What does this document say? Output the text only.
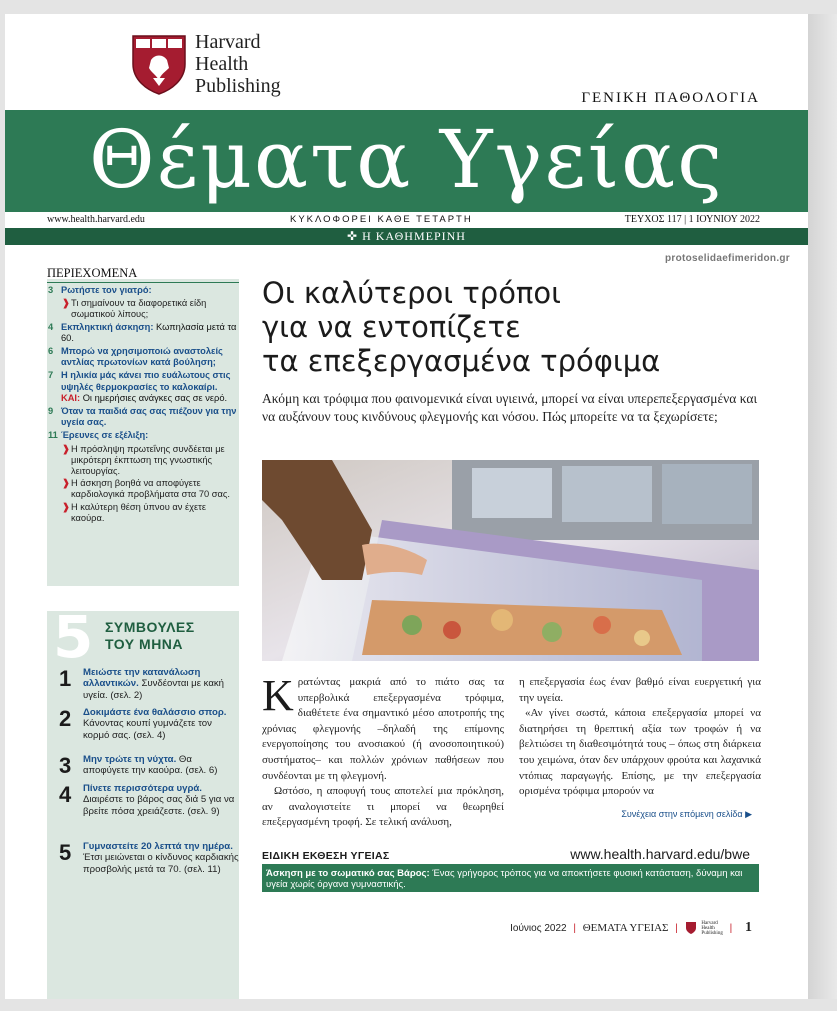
Harvard
Health
Publishing
ΓΕΝΙΚΗ ΠΑΘΟΛΟΓΙΑ
Θέματα Υγείας
www.health.harvard.edu	ΚΥΚΛΟΦΟΡΕΙ ΚΑΘΕ ΤΕΤΑΡΤΗ	ΤΕΥΧΟΣ 117 | 1 ΙΟΥΝΙΟΥ 2022
✜ Η ΚΑΘΗΜΕΡΙΝΗ
protoselidaefimeridon.gr
ΠΕΡΙΕΧΟΜΕΝΑ
3 Ρωτήστε τον γιατρό:
❱ Τι σημαίνουν τα διαφορετικά είδη σωματικού λίπους;
4 Εκπληκτική άσκηση: Κωπηλασία μετά τα 60.
6 Μπορώ να χρησιμοποιώ αναστολείς αντλίας πρωτονίων κατά βούληση;
7 Η ηλικία μάς κάνει πιο ευάλωτους στις υψηλές θερμοκρασίες το καλοκαίρι.
ΚΑΙ: Οι ημερήσιες ανάγκες σας σε νερό.
9 Όταν τα παιδιά σας σας πιέζουν για την υγεία σας.
11 Έρευνες σε εξέλιξη:
❱ Η πρόσληψη πρωτεΐνης συνδέεται με μικρότερη έκπτωση της γνωστικής λειτουργίας.
❱ Η άσκηση βοηθά να αποφύγετε καρδιολογικά προβλήματα στα 70 σας.
❱ Η καλύτερη θέση ύπνου αν έχετε καούρα.
5 ΣΥΜΒΟΥΛΕΣ
ΤΟΥ ΜΗΝΑ
1 Μειώστε την κατανάλωση αλλαντικών. Συνδέονται με κακή υγεία. (σελ. 2)
2 Δοκιμάστε ένα θαλάσσιο σπορ. Κάνοντας κουπί γυμνάζετε τον κορμό σας. (σελ. 4)
3 Μην τρώτε τη νύχτα. Θα αποφύγετε την καούρα. (σελ. 6)
4 Πίνετε περισσότερα υγρά. Διαιρέστε το βάρος σας διά 5 για να βρείτε πόσα χρειάζεστε. (σελ. 9)
5 Γυμναστείτε 20 λεπτά την ημέρα. Έτσι μειώνεται ο κίνδυνος καρδιακής προσβολής μετά τα 70. (σελ. 11)
Οι καλύτεροι τρόποι
για να εντοπίζετε
τα επεξεργασμένα τρόφιμα
Ακόμη και τρόφιμα που φαινομενικά είναι υγιεινά, μπορεί να είναι υπερεπεξεργασμένα και να αυξάνουν τους κινδύνους φλεγμονής και νόσου. Πώς μπορείτε να τα ξεχωρίσετε;
Κ ρατώντας μακριά από το πιάτο σας τα υπερβολικά επεξεργασμένα τρόφιμα, διαθέτετε ένα σημαντικό μέσο αποτροπής της χρόνιας φλεγμονής –δηλαδή της επίμονης ενεργοποίησης του ανοσιακού (ή ανοσοποιητικού) συστήματος– και πολλών χρόνιων παθήσεων που συνδέονται με τη φλεγμονή.
Ωστόσο, η αποφυγή τους αποτελεί μια πρόκληση, αν αναλογιστείτε τι μπορεί να θεωρηθεί επεξεργασμένη τροφή. Σε τελική ανάλυση,

η επεξεργασία έως έναν βαθμό είναι ευεργετική για την υγεία.

«Αν γίνει σωστά, κάποια επεξεργασία μπορεί να διατηρήσει τη θρεπτική αξία των τροφών ή να βελτιώσει τη διαθεσιμότητά τους – όπως στη διάρκεια του χειμώνα, όταν δεν υπάρχουν φρούτα και λαχανικά ντόπιας παραγωγής. Επίσης, με την επεξεργασία ορισμένα τρόφιμα μπορούν να

Συνέχεια στην επόμενη σελίδα ▶
ΕΙΔΙΚΗ ΕΚΘΕΣΗ ΥΓΕΙΑΣ	www.health.harvard.edu/bwe
Άσκηση με το σωματικό σας Βάρος: Ένας γρήγορος τρόπος για να αποκτήσετε φυσική κατάσταση, δύναμη και υγεία χωρίς όργανα γυμναστικής.
Ιούνιος 2022 | ΘΕΜΑΤΑ ΥΓΕΙΑΣ |	Harvard
Health
Publishing | 1
